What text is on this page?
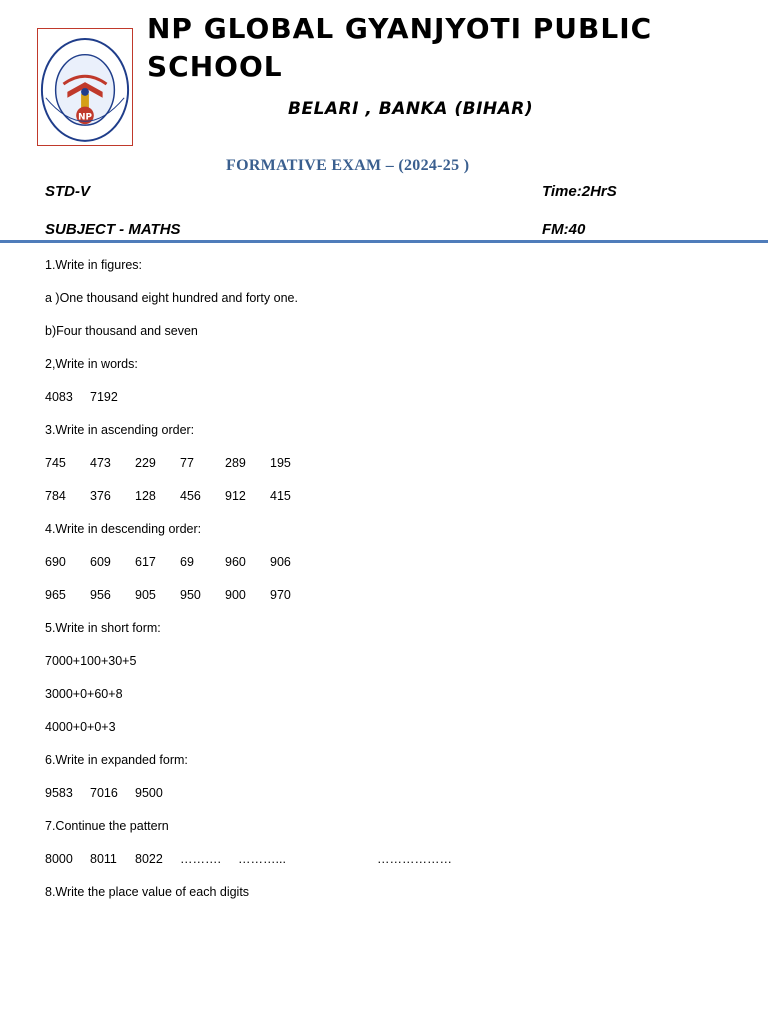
NP
NP GLOBAL GYANJYOTI PUBLIC SCHOOL
BELARI , BANKA (BIHAR)
FORMATIVE EXAM – (2024-25 )
STD-V	Time:2HrS
SUBJECT - MATHS	FM:40
1.Write in figures:
a )One thousand eight hundred and forty one.
b)Four thousand and seven
2,Write in words:
4083 7192
3.Write in ascending order:
745 473 229 77 289 195
784 376 128 456 912 415
4.Write in descending order:
690 609 617 69 960 906
965 956 905 950 900 970
5.Write in short form:
7000+100+30+5
3000+0+60+8
4000+0+0+3
6.Write in expanded form:
9583 7016 9500
7.Continue the pattern
8000 8011 8022 ………. ………...	………………
8.Write the place value of each digits
